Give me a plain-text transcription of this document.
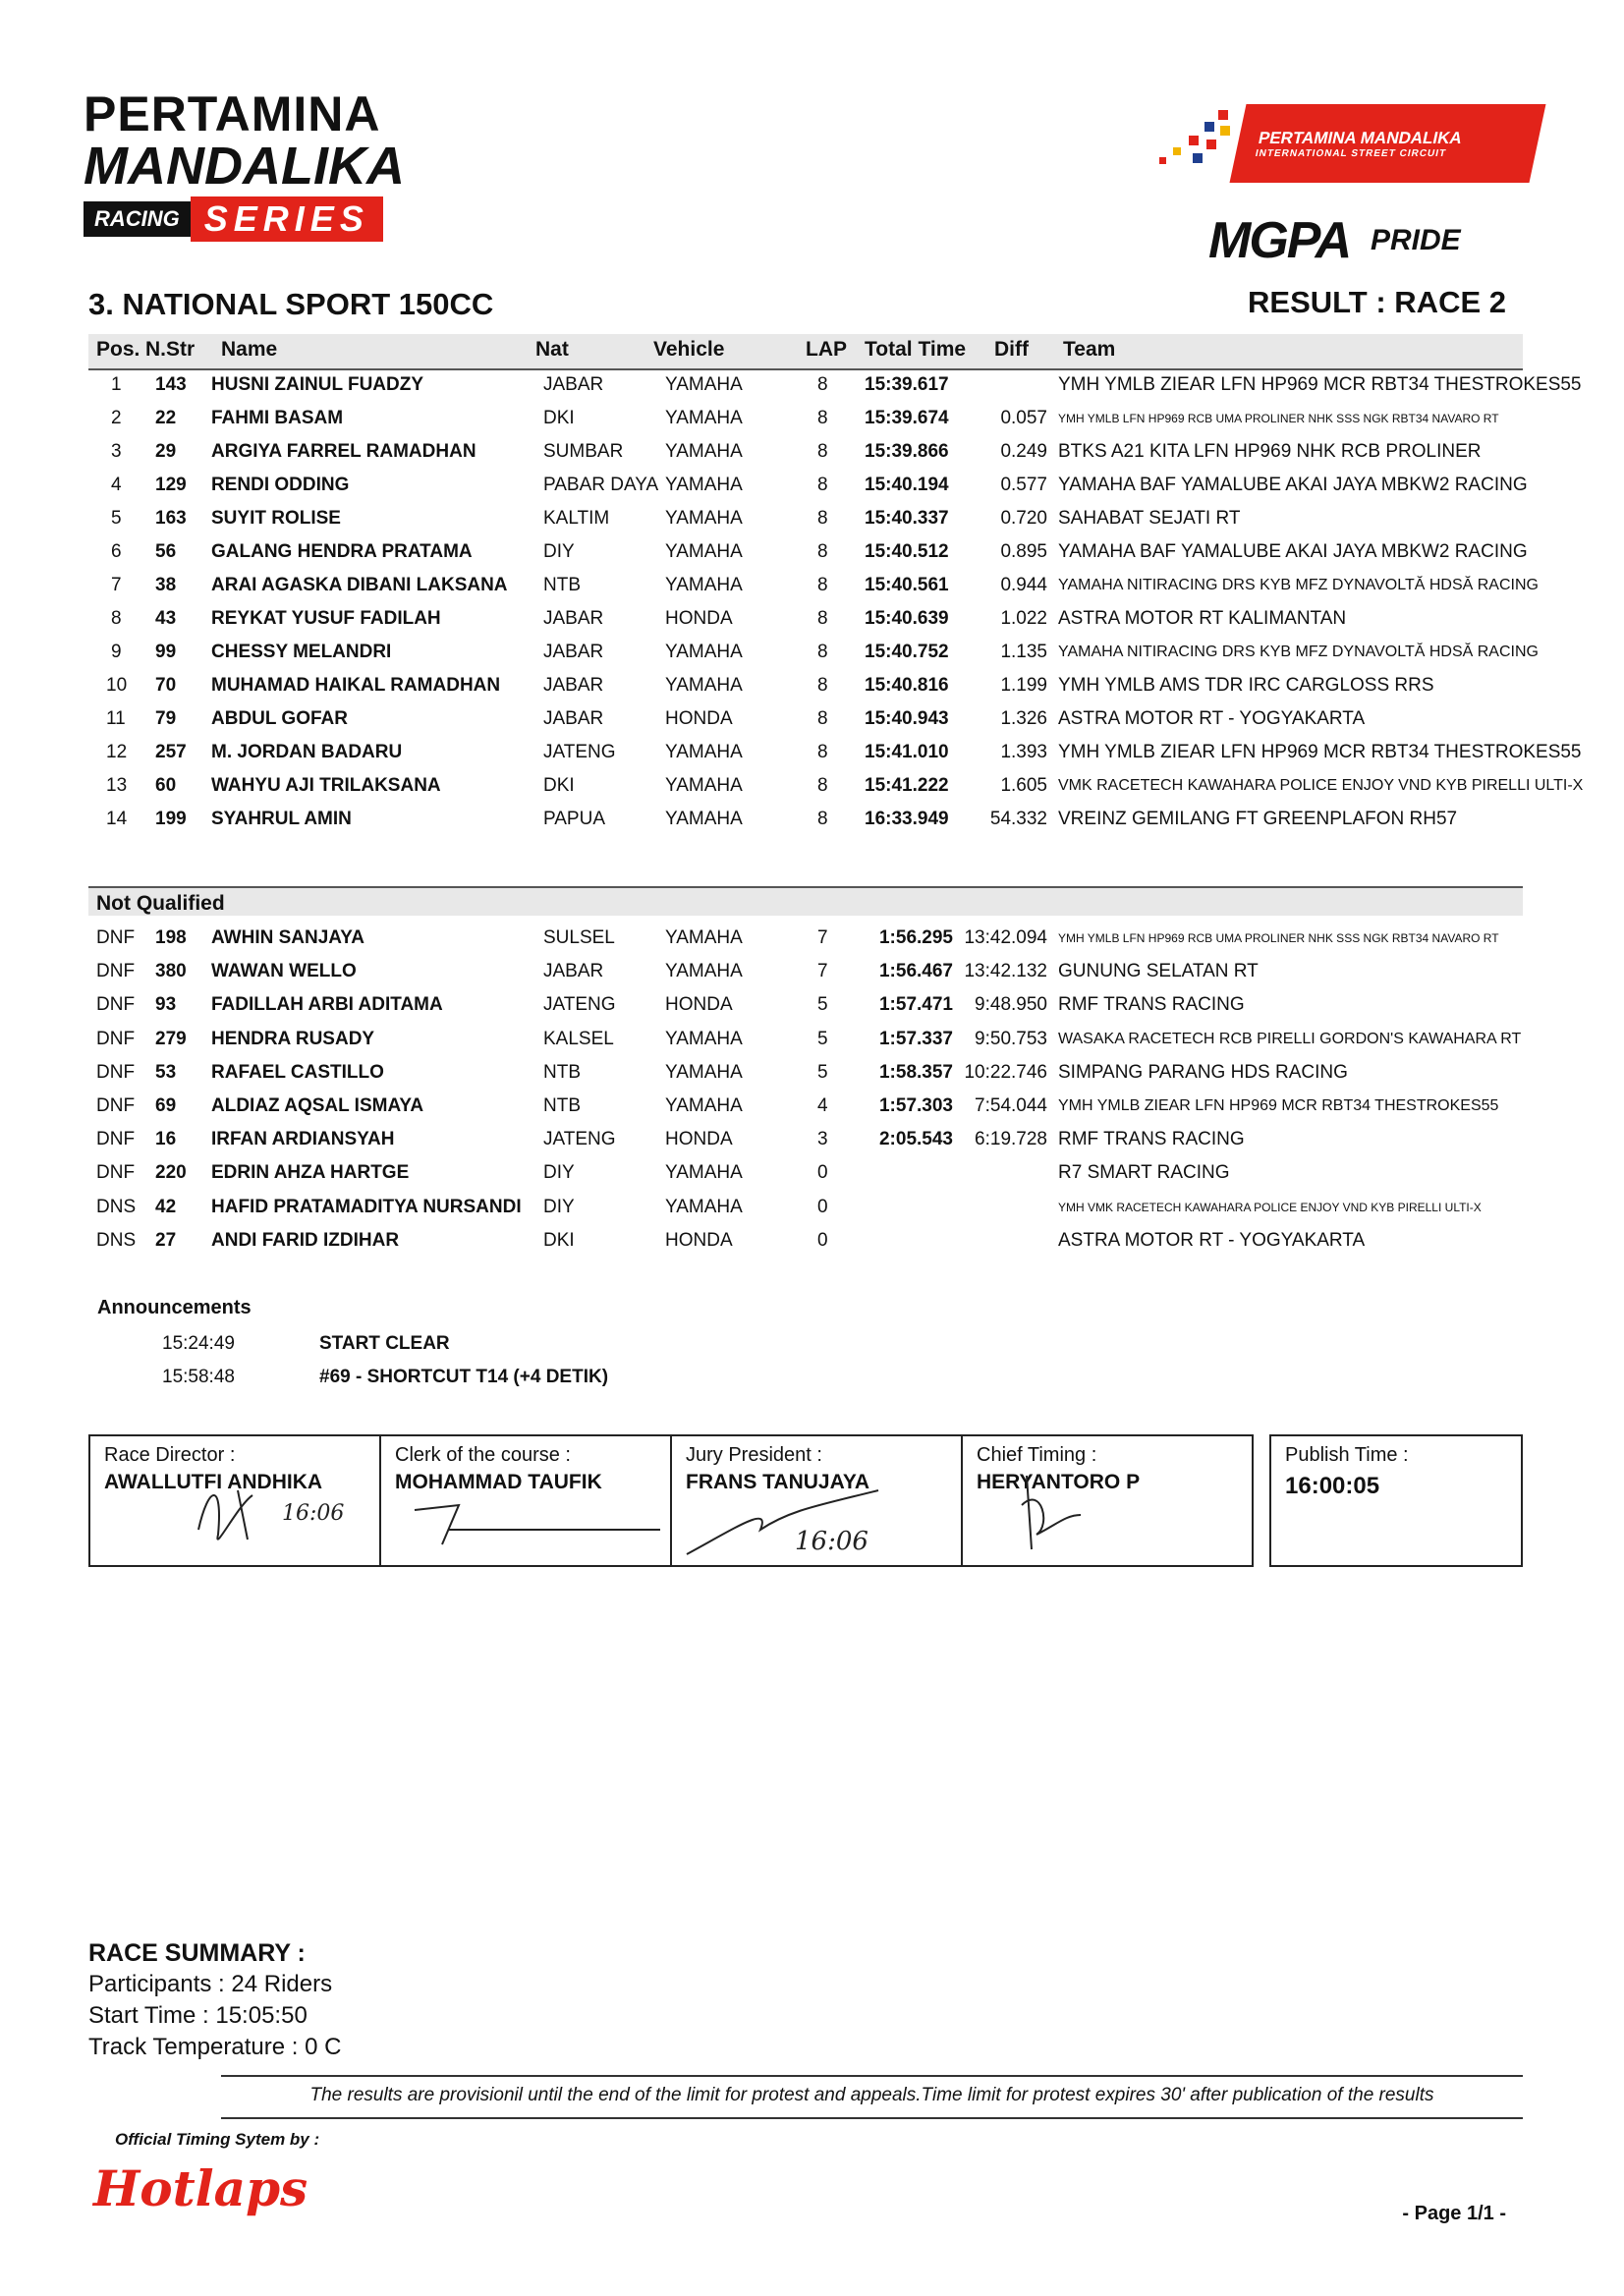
PERTAMINA
MANDALIKA
RACING SERIES
PERTAMINA MANDALIKA
INTERNATIONAL STREET CIRCUIT
MGPA PRIDE
3. NATIONAL SPORT 150CC	RESULT : RACE 2
Pos. N.Str Name	Nat	Vehicle	LAP Total Time Diff Team
1 143 HUSNI ZAINUL FUADZY	JABAR	YAMAHA	8 15:39.617	YMH YMLB ZIEAR LFN HP969 MCR RBT34 THESTROKES55
2 22 FAHMI BASAM	DKI	YAMAHA	8 15:39.674	0.057 YMH YMLB LFN HP969 RCB UMA PROLINER NHK SSS NGK RBT34 NAVARO RT
3 29 ARGIYA FARREL RAMADHAN	SUMBAR YAMAHA	8 15:39.866	0.249 BTKS A21 KITA LFN HP969 NHK RCB PROLINER
4 129 RENDI ODDING	PABAR DAYA YAMAHA	8 15:40.194	0.577 YAMAHA BAF YAMALUBE AKAI JAYA MBKW2 RACING
5 163 SUYIT ROLISE	KALTIM	YAMAHA	8 15:40.337	0.720 SAHABAT SEJATI RT
6 56 GALANG HENDRA PRATAMA	DIY	YAMAHA	8 15:40.512	0.895 YAMAHA BAF YAMALUBE AKAI JAYA MBKW2 RACING
7 38 ARAI AGASKA DIBANI LAKSANA NTB	YAMAHA	8 15:40.561	0.944 YAMAHA NITIRACING DRS KYB MFZ DYNAVOLTĂ HDSĂ RACING
8 43 REYKAT YUSUF FADILAH	JABAR	HONDA	8 15:40.639	1.022 ASTRA MOTOR RT KALIMANTAN
9 99 CHESSY MELANDRI	JABAR	YAMAHA	8 15:40.752	1.135 YAMAHA NITIRACING DRS KYB MFZ DYNAVOLTĂ HDSĂ RACING
10 70 MUHAMAD HAIKAL RAMADHAN JABAR	YAMAHA	8 15:40.816	1.199 YMH YMLB AMS TDR IRC CARGLOSS RRS
11 79 ABDUL GOFAR	JABAR	HONDA	8 15:40.943	1.326 ASTRA MOTOR RT - YOGYAKARTA
12 257 M. JORDAN BADARU	JATENG	YAMAHA	8 15:41.010	1.393 YMH YMLB ZIEAR LFN HP969 MCR RBT34 THESTROKES55
13 60 WAHYU AJI TRILAKSANA	DKI	YAMAHA	8 15:41.222	1.605 VMK RACETECH KAWAHARA POLICE ENJOY VND KYB PIRELLI ULTI-X
14 199 SYAHRUL AMIN	PAPUA	YAMAHA	8 16:33.949	54.332 VREINZ GEMILANG FT GREENPLAFON RH57
Not Qualified
DNF 198 AWHIN SANJAYA	SULSEL	YAMAHA	7	1:56.295 13:42.094 YMH YMLB LFN HP969 RCB UMA PROLINER NHK SSS NGK RBT34 NAVARO RT
DNF 380 WAWAN WELLO	JABAR	YAMAHA	7	1:56.467 13:42.132 GUNUNG SELATAN RT
DNF 93 FADILLAH ARBI ADITAMA	JATENG	HONDA	5	1:57.471	9:48.950 RMF TRANS RACING
DNF 279 HENDRA RUSADY	KALSEL	YAMAHA	5	1:57.337	9:50.753 WASAKA RACETECH RCB PIRELLI GORDON'S KAWAHARA RT
DNF 53 RAFAEL CASTILLO	NTB	YAMAHA	5	1:58.357 10:22.746 SIMPANG PARANG HDS RACING
DNF 69 ALDIAZ AQSAL ISMAYA	NTB	YAMAHA	4	1:57.303	7:54.044 YMH YMLB ZIEAR LFN HP969 MCR RBT34 THESTROKES55
DNF 16 IRFAN ARDIANSYAH	JATENG	HONDA	3	2:05.543	6:19.728 RMF TRANS RACING
DNF 220 EDRIN AHZA HARTGE	DIY	YAMAHA	0	R7 SMART RACING
DNS 42 HAFID PRATAMADITYA NURSANDI DIY	YAMAHA	0	YMH VMK RACETECH KAWAHARA POLICE ENJOY VND KYB PIRELLI ULTI-X
DNS 27 ANDI FARID IZDIHAR	DKI	HONDA	0	ASTRA MOTOR RT - YOGYAKARTA
Announcements
15:24:49	START CLEAR
15:58:48	#69 - SHORTCUT T14 (+4 DETIK)
Race Director :
AWALLUTFI ANDHIKA
16:06
Clerk of the course :
MOHAMMAD TAUFIK
Jury President :
FRANS TANUJAYA
16:06
Chief Timing :
HERYANTORO P
Publish Time :
16:00:05
RACE SUMMARY :
Participants : 24 Riders
Start Time : 15:05:50
Track Temperature : 0 C
The results are provisionil until the end of the limit for protest and appeals.Time limit for protest expires 30' after publication of the results
Official Timing Sytem by :
Hotlaps	- Page 1/1 -
